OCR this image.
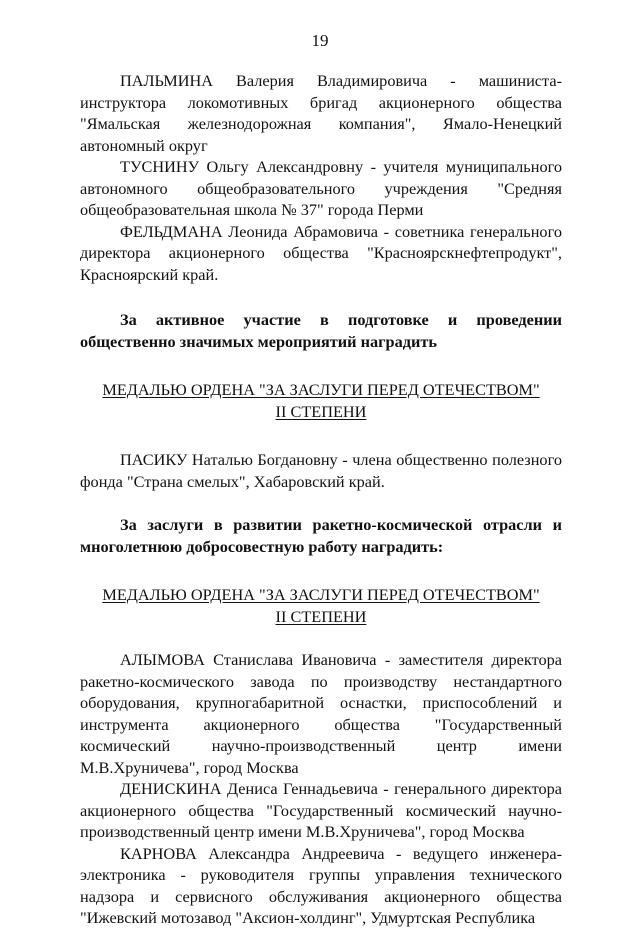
19

ПАЛЬМИНА Валерия Владимировича - машиниста-инструктора локомотивных бригад акционерного общества "Ямальская железнодорожная компания", Ямало-Ненецкий автономный округ

ТУСНИНУ Ольгу Александровну - учителя муниципального автономного общеобразовательного учреждения "Средняя общеобразовательная школа № 37" города Перми

ФЕЛЬДМАНА Леонида Абрамовича - советника генерального директора акционерного общества "Красноярскнефтепродукт", Красноярский край.

За активное участие в подготовке и проведении общественно значимых мероприятий наградить

МЕДАЛЬЮ ОРДЕНА "ЗА ЗАСЛУГИ ПЕРЕД ОТЕЧЕСТВОМ"
II СТЕПЕНИ

ПАСИКУ Наталью Богдановну - члена общественно полезного фонда "Страна смелых", Хабаровский край.

За заслуги в развитии ракетно-космической отрасли и многолетнюю добросовестную работу наградить:

МЕДАЛЬЮ ОРДЕНА "ЗА ЗАСЛУГИ ПЕРЕД ОТЕЧЕСТВОМ"
II СТЕПЕНИ

АЛЫМОВА Станислава Ивановича - заместителя директора ракетно-космического завода по производству нестандартного оборудования, крупногабаритной оснастки, приспособлений и инструмента акционерного общества "Государственный космический научно-производственный центр имени М.В.Хруничева", город Москва

ДЕНИСКИНА Дениса Геннадьевича - генерального директора акционерного общества "Государственный космический научно-производственный центр имени М.В.Хруничева", город Москва

КАРНОВА Александра Андреевича - ведущего инженера-электроника - руководителя группы управления технического надзора и сервисного обслуживания акционерного общества "Ижевский мотозавод "Аксион-холдинг", Удмуртская Республика
